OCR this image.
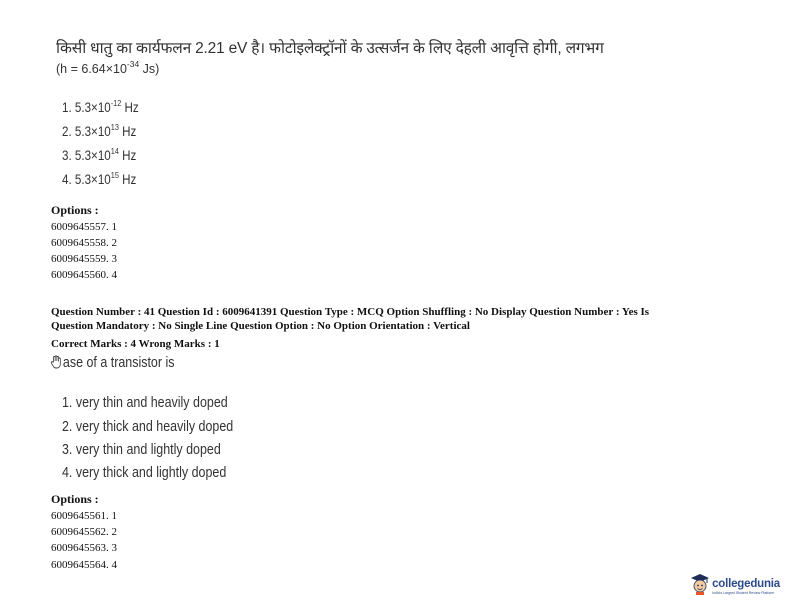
किसी धातु का कार्यफलन 2.21 eV है। फोटोइलेक्ट्रॉनों के उत्सर्जन के लिए देहली आवृत्ति होगी, लगभग
($h = 6.64\times 10^{-34}$ Js)
1. $5.3\times 10^{-12}$ Hz
2. $5.3\times 10^{13}$ Hz
3. $5.3\times 10^{14}$ Hz
4. $5.3\times 10^{15}$ Hz
Options :
6009645557. 1
6009645558. 2
6009645559. 3
6009645560. 4
Question Number : 41 Question Id : 6009641391 Question Type : MCQ Option Shuffling : No Display Question Number : Yes Is
Question Mandatory : No Single Line Question Option : No Option Orientation : Vertical
Correct Marks : 4 Wrong Marks : 1
ase of a transistor is
1. very thin and heavily doped
2. very thick and heavily doped
3. very thin and lightly doped
4. very thick and lightly doped
Options :
6009645561. 1
6009645562. 2
6009645563. 3
6009645564. 4
collegedunia
India's Largest Student Review Platform
